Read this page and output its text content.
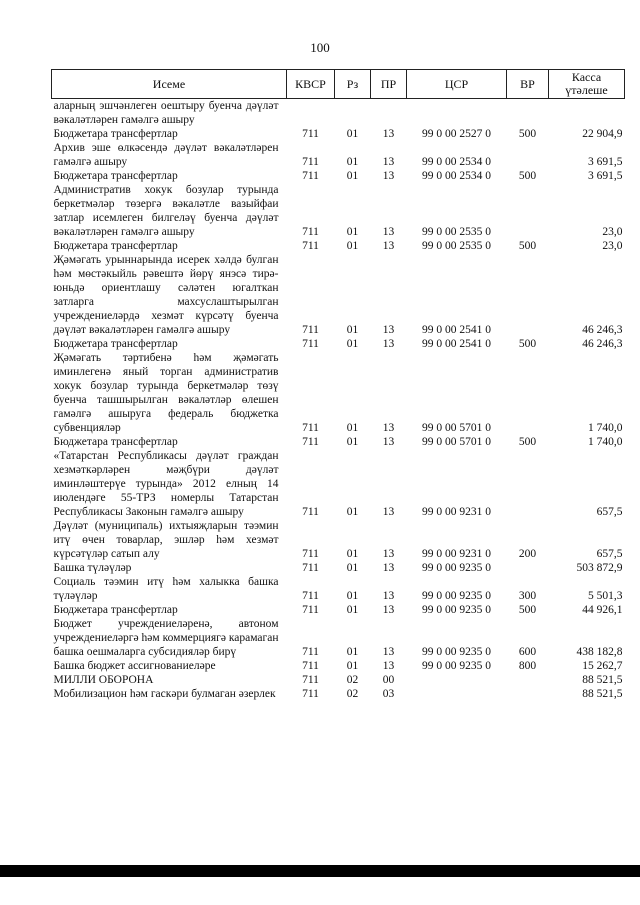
100
Исеме	КВСР	Рз	ПР	ЦСР	ВР	Касса үтәлеше
аларның эшчәнлеген оештыру буенча дәүләт вәкаләтләрен гамәлгә ашыру						
Бюджетара трансфертлар	711	01	13	99 0 00 2527 0	500	22 904,9
Архив эше өлкәсендә дәүләт вәкаләтләрен гамәлгә ашыру	711	01	13	99 0 00 2534 0		3 691,5
Бюджетара трансфертлар	711	01	13	99 0 00 2534 0	500	3 691,5
Административ хокук бозулар турында беркетмәләр төзергә вәкаләтле вазыйфаи затлар исемлеген билгеләү буенча дәүләт вәкаләтләрен гамәлгә ашыру	711	01	13	99 0 00 2535 0		23,0
Бюджетара трансфертлар	711	01	13	99 0 00 2535 0	500	23,0
Җәмәгать урыннарында исерек хәлдә булган һәм мөстәкыйль рәвештә йөрү янэсә тирә-юньдә ориентлашу сәләтен югалткан затларга махсуслаштырылган учреждениеләрдә хезмәт күрсәтү буенча дәүләт вәкаләтләрен гамәлгә ашыру	711	01	13	99 0 00 2541 0		46 246,3
Бюджетара трансфертлар	711	01	13	99 0 00 2541 0	500	46 246,3
Җәмәгать тәртибенә һәм җәмәгать иминлегенә яный торган административ хокук бозулар турында беркетмәләр төзү буенча ташшырылган вәкаләтләр өлешен гамәлгә ашыруга федераль бюджетка субвенцияләр	711	01	13	99 0 00 5701 0		1 740,0
Бюджетара трансфертлар	711	01	13	99 0 00 5701 0	500	1 740,0
«Татарстан Республикасы дәүләт граждан хезмәткәрләрен мәҗбүри дәүләт иминләштерүе турында» 2012 елның 14 июлендәге 55-ТРЗ номерлы Татарстан Республикасы Законын гамәлгә ашыру	711	01	13	99 0 00 9231 0		657,5
Дәүләт (муниципаль) ихтыяҗларын тәэмин итү өчен товарлар, эшләр һәм хезмәт күрсәтүләр сатып алу	711	01	13	99 0 00 9231 0	200	657,5
Башка түләүләр	711	01	13	99 0 00 9235 0		503 872,9
Социаль тәэмин итү һәм халыкка башка түләүләр	711	01	13	99 0 00 9235 0	300	5 501,3
Бюджетара трансфертлар	711	01	13	99 0 00 9235 0	500	44 926,1
Бюджет учреждениеләренә, автоном учреждениеләргә һәм коммерциягә карамаган башка оешмаларга субсидияләр бирү	711	01	13	99 0 00 9235 0	600	438 182,8
Башка бюджет ассигнованиеләре	711	01	13	99 0 00 9235 0	800	15 262,7
МИЛЛИ ОБОРОНА	711	02	00			88 521,5
Мобилизацион һәм гаскәри булмаган әзерлек	711	02	03			88 521,5
